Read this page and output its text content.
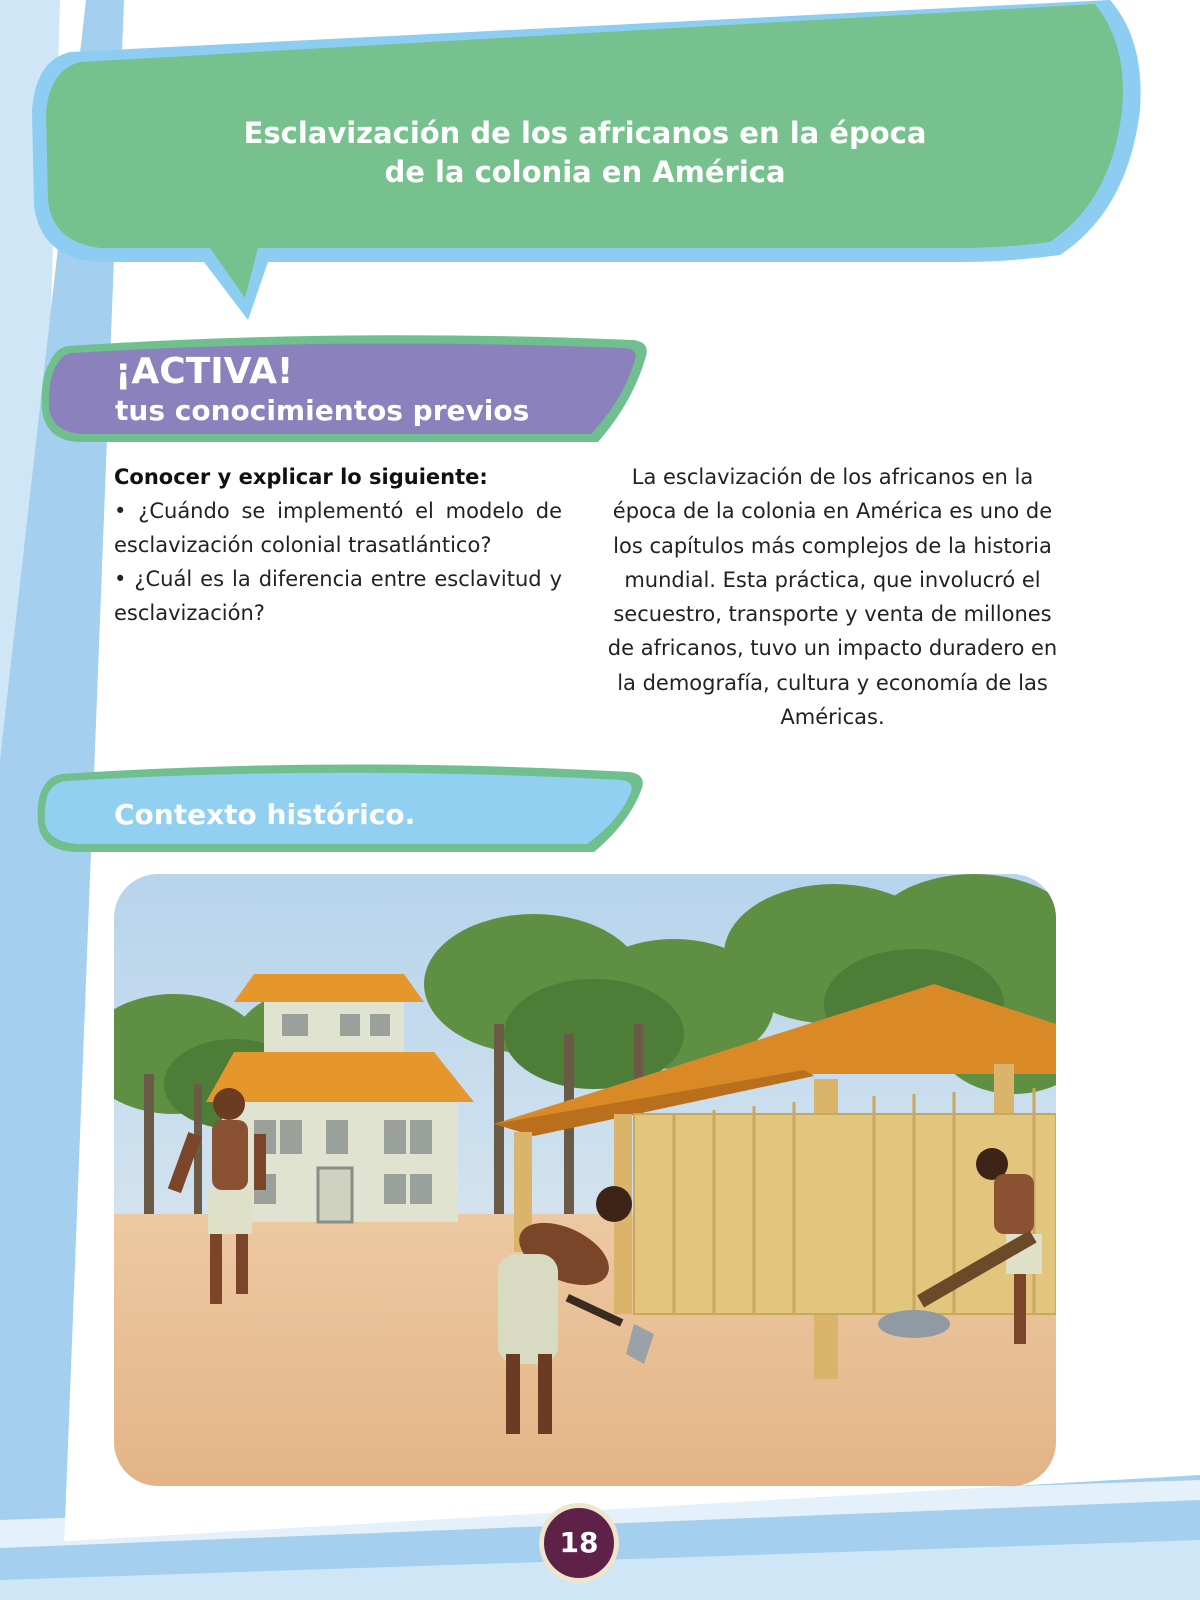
Esclavización de los africanos en la época
de la colonia en América
¡ACTIVA!
tus conocimientos previos

Conocer y explicar lo siguiente:

• ¿Cuándo se implementó el modelo de esclavización colonial trasatlántico?

• ¿Cuál es la diferencia entre esclavitud y esclavización?

La esclavización de los africanos en la época de la colonia en América es uno de los capítulos más complejos de la historia mundial. Esta práctica, que involucró el secuestro, transporte y venta de millones de africanos, tuvo un impacto duradero en la demografía, cultura y economía de las Américas.

Contexto histórico.
18
